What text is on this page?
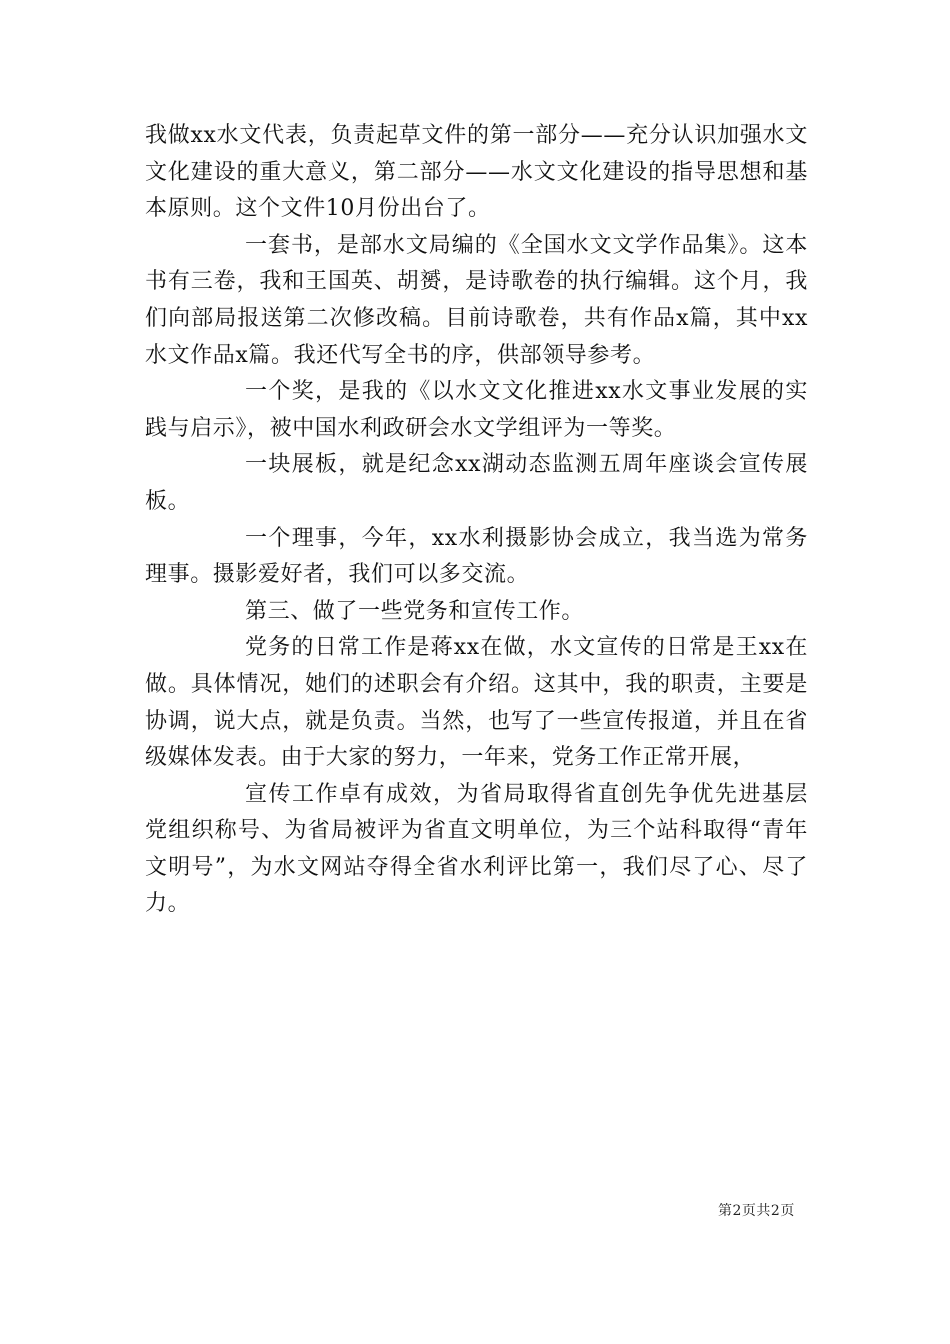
我做xx水文代表，负责起草文件的第一部分——充分认识加强水文文化建设的重大意义，第二部分——水文文化建设的指导思想和基本原则。这个文件10月份出台了。

一套书，是部水文局编的《全国水文文学作品集》。这本书有三卷，我和王国英、胡赟，是诗歌卷的执行编辑。这个月，我们向部局报送第二次修改稿。目前诗歌卷，共有作品x篇，其中xx水文作品x篇。我还代写全书的序，供部领导参考。

一个奖，是我的《以水文文化推进xx水文事业发展的实践与启示》，被中国水利政研会水文学组评为一等奖。

一块展板，就是纪念xx湖动态监测五周年座谈会宣传展板。

一个理事，今年，xx水利摄影协会成立，我当选为常务理事。摄影爱好者，我们可以多交流。

第三、做了一些党务和宣传工作。

党务的日常工作是蒋xx在做，水文宣传的日常是王xx在做。具体情况，她们的述职会有介绍。这其中，我的职责，主要是协调，说大点，就是负责。当然，也写了一些宣传报道，并且在省级媒体发表。由于大家的努力，一年来，党务工作正常开展，

宣传工作卓有成效，为省局取得省直创先争优先进基层党组织称号、为省局被评为省直文明单位，为三个站科取得“青年文明号”，为水文网站夺得全省水利评比第一，我们尽了心、尽了力。

第2页共2页
